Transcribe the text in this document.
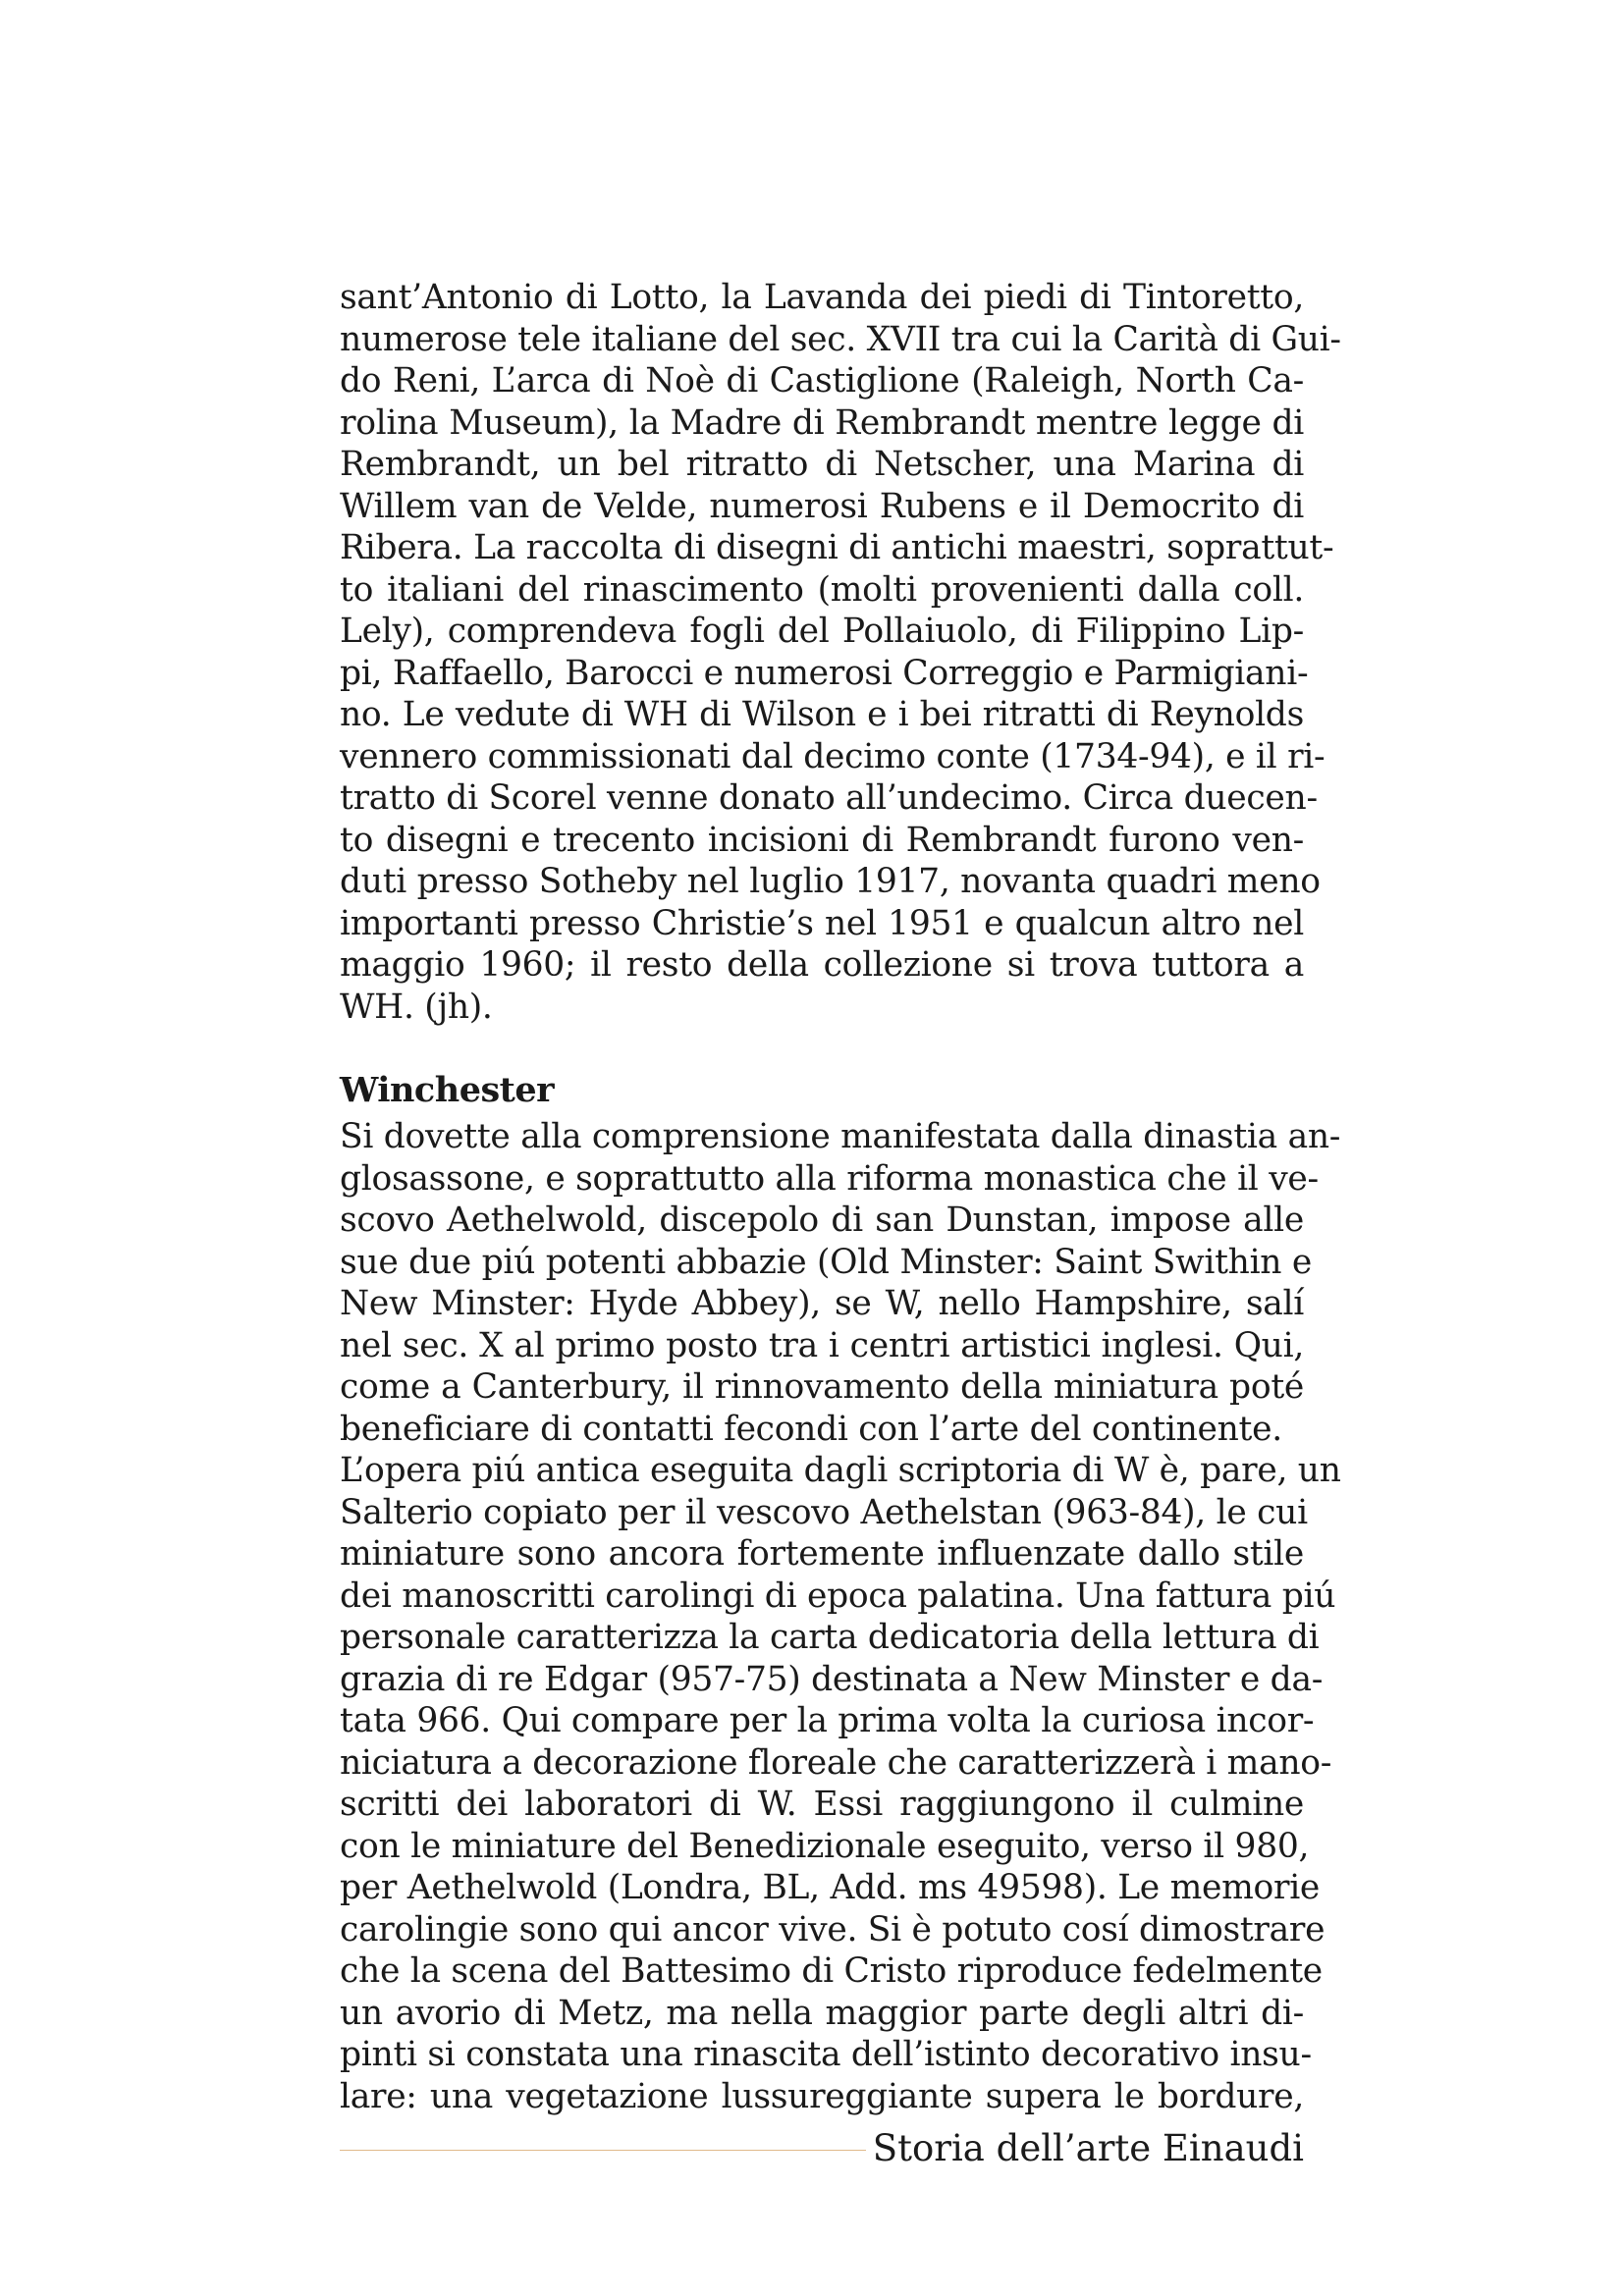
sant’Antonio di Lotto, la Lavanda dei piedi di Tintoretto,
numerose tele italiane del sec. XVII tra cui la Carità di Gui-
do Reni, L’arca di Noè di Castiglione (Raleigh, North Ca-
rolina Museum), la Madre di Rembrandt mentre legge di
Rembrandt, un bel ritratto di Netscher, una Marina di
Willem van de Velde, numerosi Rubens e il Democrito di
Ribera. La raccolta di disegni di antichi maestri, soprattut-
to italiani del rinascimento (molti provenienti dalla coll.
Lely), comprendeva fogli del Pollaiuolo, di Filippino Lip-
pi, Raffaello, Barocci e numerosi Correggio e Parmigiani-
no. Le vedute di WH di Wilson e i bei ritratti di Reynolds
vennero commissionati dal decimo conte (1734-94), e il ri-
tratto di Scorel venne donato all’undecimo. Circa duecen-
to disegni e trecento incisioni di Rembrandt furono ven-
duti presso Sotheby nel luglio 1917, novanta quadri meno
importanti presso Christie’s nel 1951 e qualcun altro nel
maggio 1960; il resto della collezione si trova tuttora a
WH. (jh).
Winchester
Si dovette alla comprensione manifestata dalla dinastia an-
glosassone, e soprattutto alla riforma monastica che il ve-
scovo Aethelwold, discepolo di san Dunstan, impose alle
sue due piú potenti abbazie (Old Minster: Saint Swithin e
New Minster: Hyde Abbey), se W, nello Hampshire, salí
nel sec. X al primo posto tra i centri artistici inglesi. Qui,
come a Canterbury, il rinnovamento della miniatura poté
beneficiare di contatti fecondi con l’arte del continente.
L’opera piú antica eseguita dagli scriptoria di W è, pare, un
Salterio copiato per il vescovo Aethelstan (963-84), le cui
miniature sono ancora fortemente influenzate dallo stile
dei manoscritti carolingi di epoca palatina. Una fattura piú
personale caratterizza la carta dedicatoria della lettura di
grazia di re Edgar (957-75) destinata a New Minster e da-
tata 966. Qui compare per la prima volta la curiosa incor-
niciatura a decorazione floreale che caratterizzerà i mano-
scritti dei laboratori di W. Essi raggiungono il culmine
con le miniature del Benedizionale eseguito, verso il 980,
per Aethelwold (Londra, BL, Add. ms 49598). Le memorie
carolingie sono qui ancor vive. Si è potuto cosí dimostrare
che la scena del Battesimo di Cristo riproduce fedelmente
un avorio di Metz, ma nella maggior parte degli altri di-
pinti si constata una rinascita dell’istinto decorativo insu-
lare: una vegetazione lussureggiante supera le bordure,
Storia dell’arte Einaudi
